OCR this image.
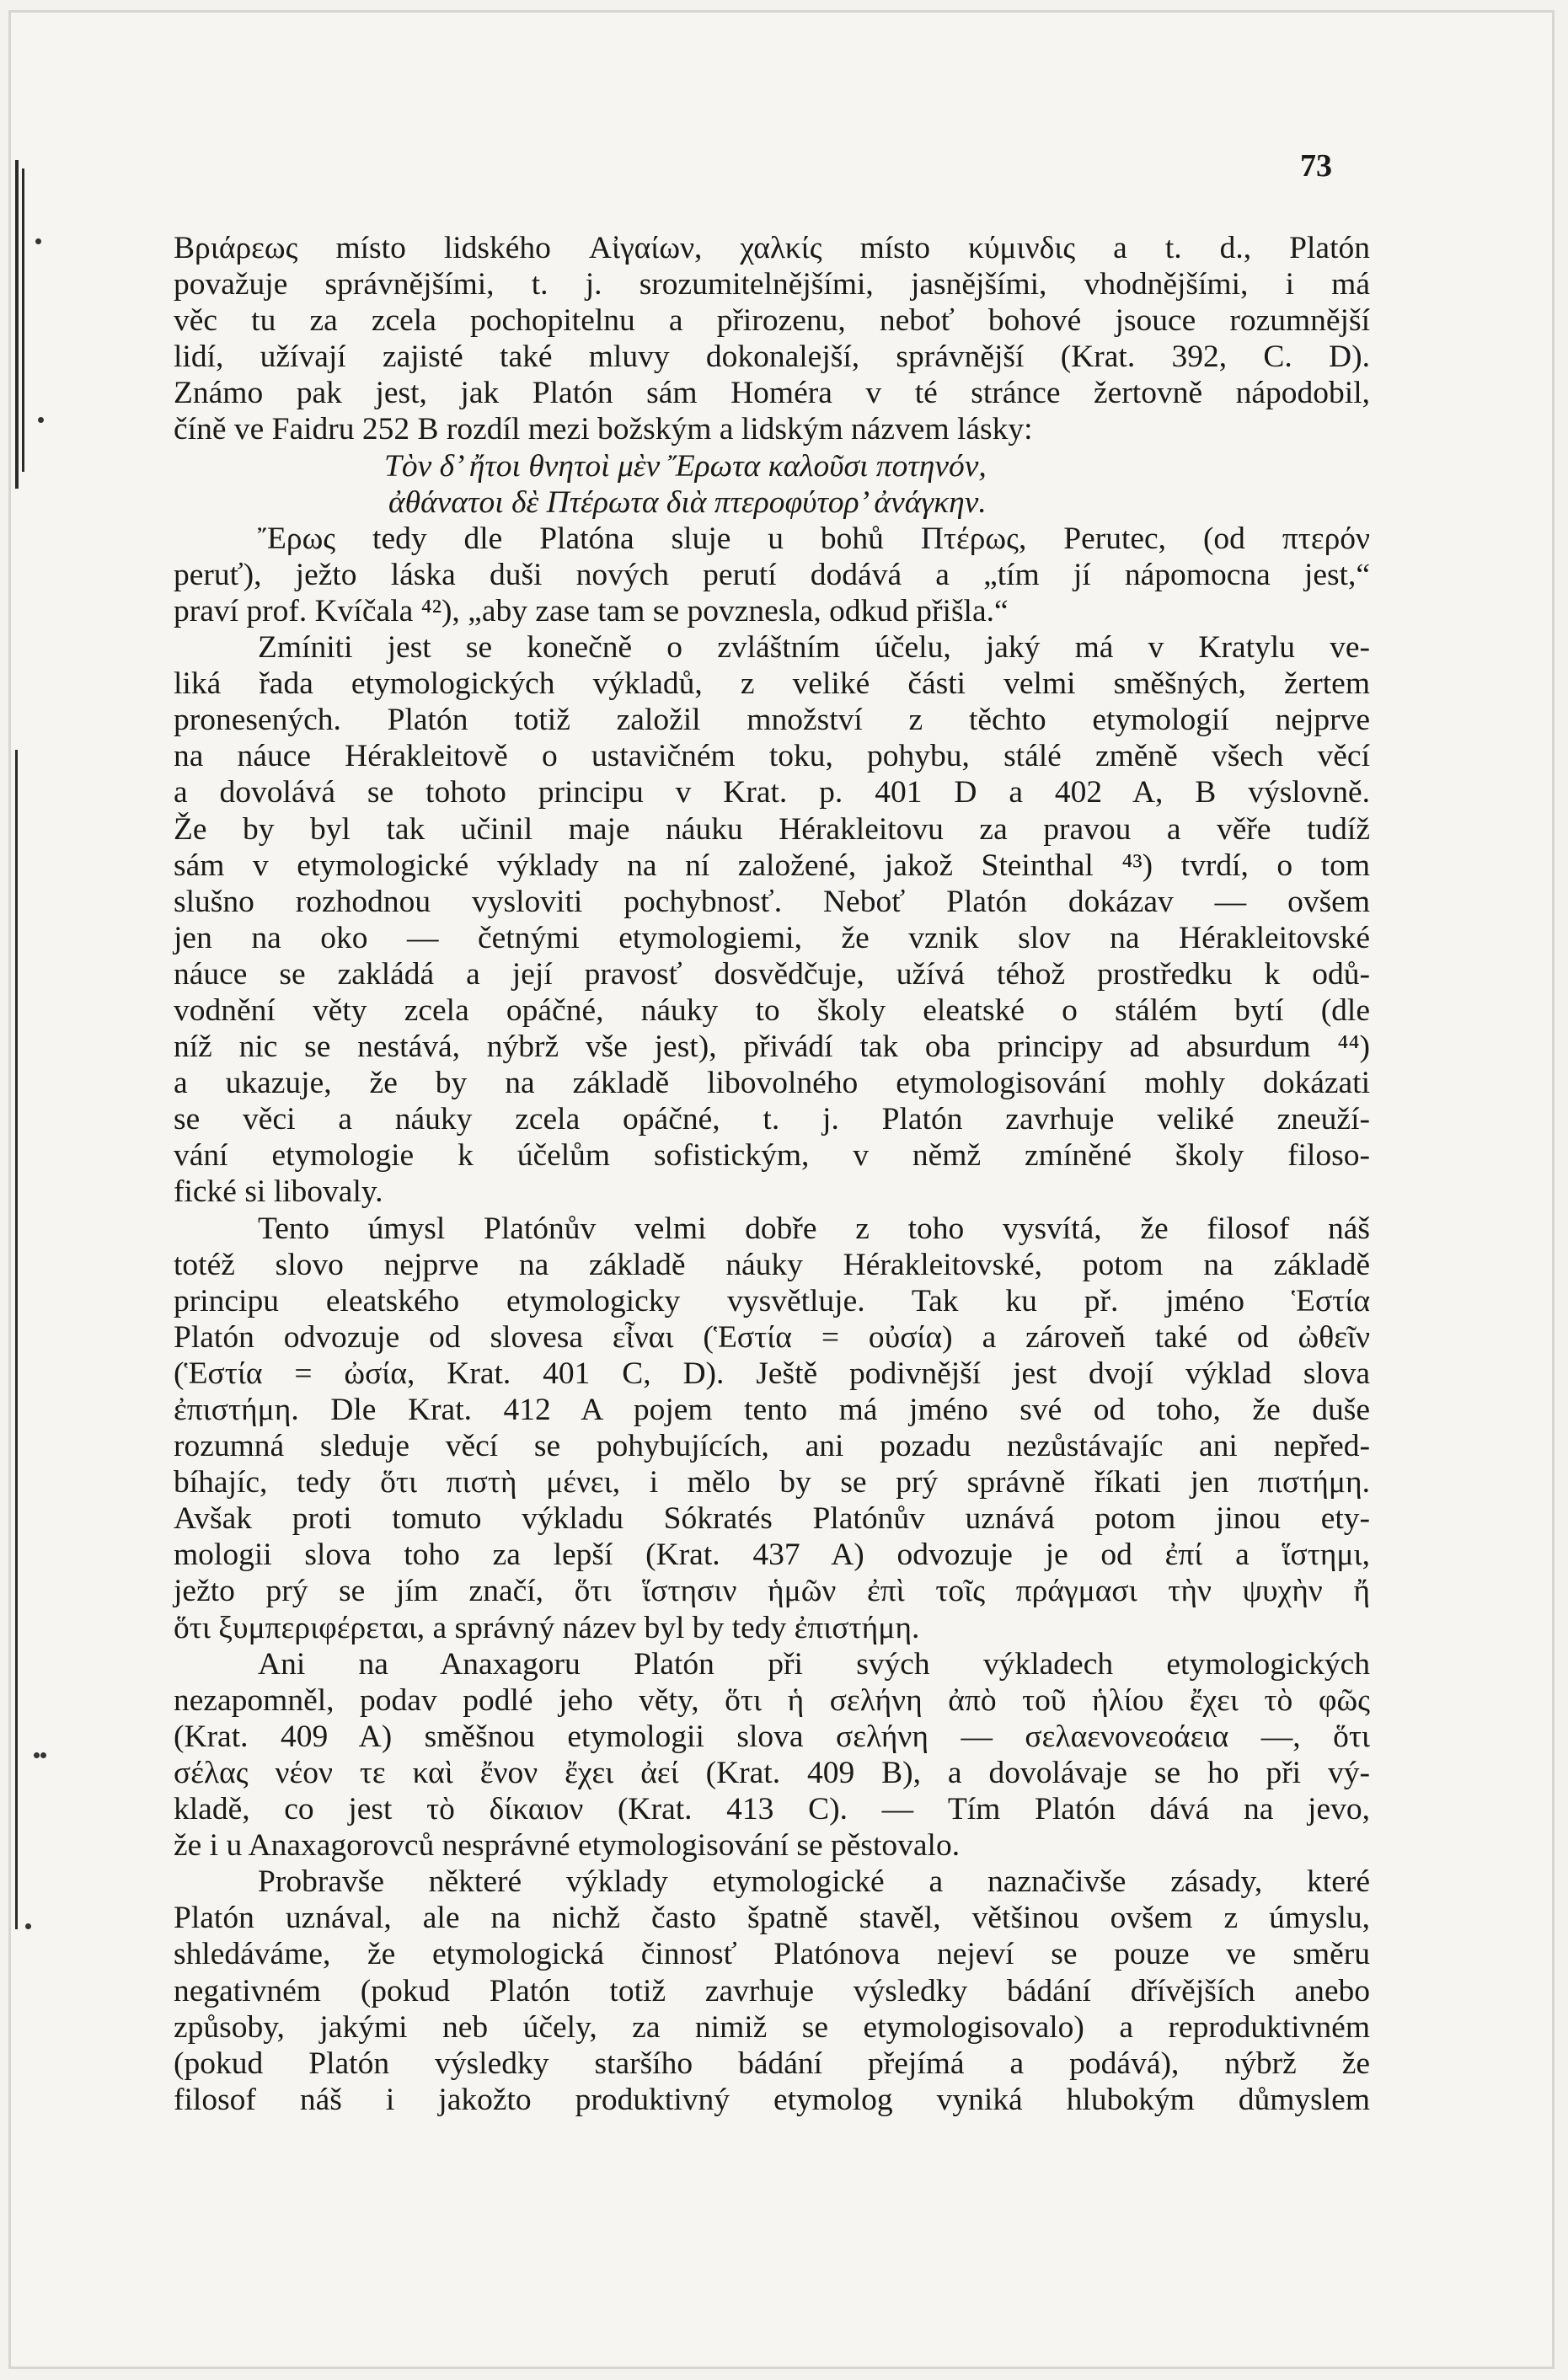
73
Βριάρεως místo lidského Αἰγαίων, χαλκίς místo κύμινδις a t. d., Platón
považuje správnějšími, t. j. srozumitelnějšími, jasnějšími, vhodnějšími, i má
věc tu za zcela pochopitelnu a přirozenu, neboť bohové jsouce rozumnější
lidí, užívají zajisté také mluvy dokonalejší, správnější (Krat. 392, C. D).
Známo pak jest, jak Platón sám Homéra v té stránce žertovně nápodobil,
číně ve Faidru 252 B rozdíl mezi božským a lidským názvem lásky:
Τὸν δ’ ἤτοι θνητοὶ μὲν Ἔρωτα καλοῦσι ποτηνόν,
ἀθάνατοι δὲ Πτέρωτα διὰ πτεροφύτορ’ ἀνάγκην.
Ἔρως tedy dle Platóna sluje u bohů Πτέρως, Perutec, (od πτερόν
peruť), ježto láska duši nových perutí dodává a „tím jí nápomocna jest,“
praví prof. Kvíčala ⁴²), „aby zase tam se povznesla, odkud přišla.“
Zmíniti jest se konečně o zvláštním účelu, jaký má v Kratylu ve-
liká řada etymologických výkladů, z veliké části velmi směšných, žertem
pronesených. Platón totiž založil množství z těchto etymologií nejprve
na náuce Hérakleitově o ustavičném toku, pohybu, stálé změně všech věcí
a dovolává se tohoto principu v Krat. p. 401 D a 402 A, B výslovně.
Že by byl tak učinil maje náuku Hérakleitovu za pravou a věře tudíž
sám v etymologické výklady na ní založené, jakož Steinthal ⁴³) tvrdí, o tom
slušno rozhodnou vysloviti pochybnosť. Neboť Platón dokázav — ovšem
jen na oko — četnými etymologiemi, že vznik slov na Hérakleitovské
náuce se zakládá a její pravosť dosvědčuje, užívá téhož prostředku k odů-
vodnění věty zcela opáčné, náuky to školy eleatské o stálém bytí (dle
níž nic se nestává, nýbrž vše jest), přivádí tak oba principy ad absurdum ⁴⁴)
a ukazuje, že by na základě libovolného etymologisování mohly dokázati
se věci a náuky zcela opáčné, t. j. Platón zavrhuje veliké zneuží-
vání etymologie k účelům sofistickým, v němž zmíněné školy filoso-
fické si libovaly.
Tento úmysl Platónův velmi dobře z toho vysvítá, že filosof náš
totéž slovo nejprve na základě náuky Hérakleitovské, potom na základě
principu eleatského etymologicky vysvětluje. Tak ku př. jméno Ἑστία
Platón odvozuje od slovesa εἶναι (Ἑστία = οὐσία) a zároveň také od ὠθεῖν
(Ἑστία = ὠσία, Krat. 401 C, D). Ještě podivnější jest dvojí výklad slova
ἐπιστήμη. Dle Krat. 412 A pojem tento má jméno své od toho, že duše
rozumná sleduje věcí se pohybujících, ani pozadu nezůstávajíc ani nepřed-
bíhajíc, tedy ὅτι πιστὴ μένει, i mělo by se prý správně říkati jen πιστήμη.
Avšak proti tomuto výkladu Sókratés Platónův uznává potom jinou ety-
mologii slova toho za lepší (Krat. 437 A) odvozuje je od ἐπί a ἵστημι,
ježto prý se jím značí, ὅτι ἵστησιν ἡμῶν ἐπὶ τοῖς πράγμασι τὴν ψυχὴν ἤ
ὅτι ξυμπεριφέρεται, a správný název byl by tedy ἐπιστήμη.
Ani na Anaxagoru Platón při svých výkladech etymologických
nezapomněl, podav podlé jeho věty, ὅτι ἡ σελήνη ἀπὸ τοῦ ἡλίου ἔχει τὸ φῶς
(Krat. 409 A) směšnou etymologii slova σελήνη — σελαενονεοάεια —, ὅτι
σέλας νέον τε καὶ ἔνον ἔχει ἀεί (Krat. 409 B), a dovolávaje se ho při vý-
kladě, co jest τὸ δίκαιον (Krat. 413 C). — Tím Platón dává na jevo,
že i u Anaxagorovců nesprávné etymologisování se pěstovalo.
Probravše některé výklady etymologické a naznačivše zásady, které
Platón uznával, ale na nichž často špatně stavěl, většinou ovšem z úmyslu,
shledáváme, že etymologická činnosť Platónova nejeví se pouze ve směru
negativném (pokud Platón totiž zavrhuje výsledky bádání dřívějších anebo
způsoby, jakými neb účely, za nimiž se etymologisovalo) a reproduktivném
(pokud Platón výsledky staršího bádání přejímá a podává), nýbrž že
filosof náš i jakožto produktivný etymolog vyniká hlubokým důmyslem
